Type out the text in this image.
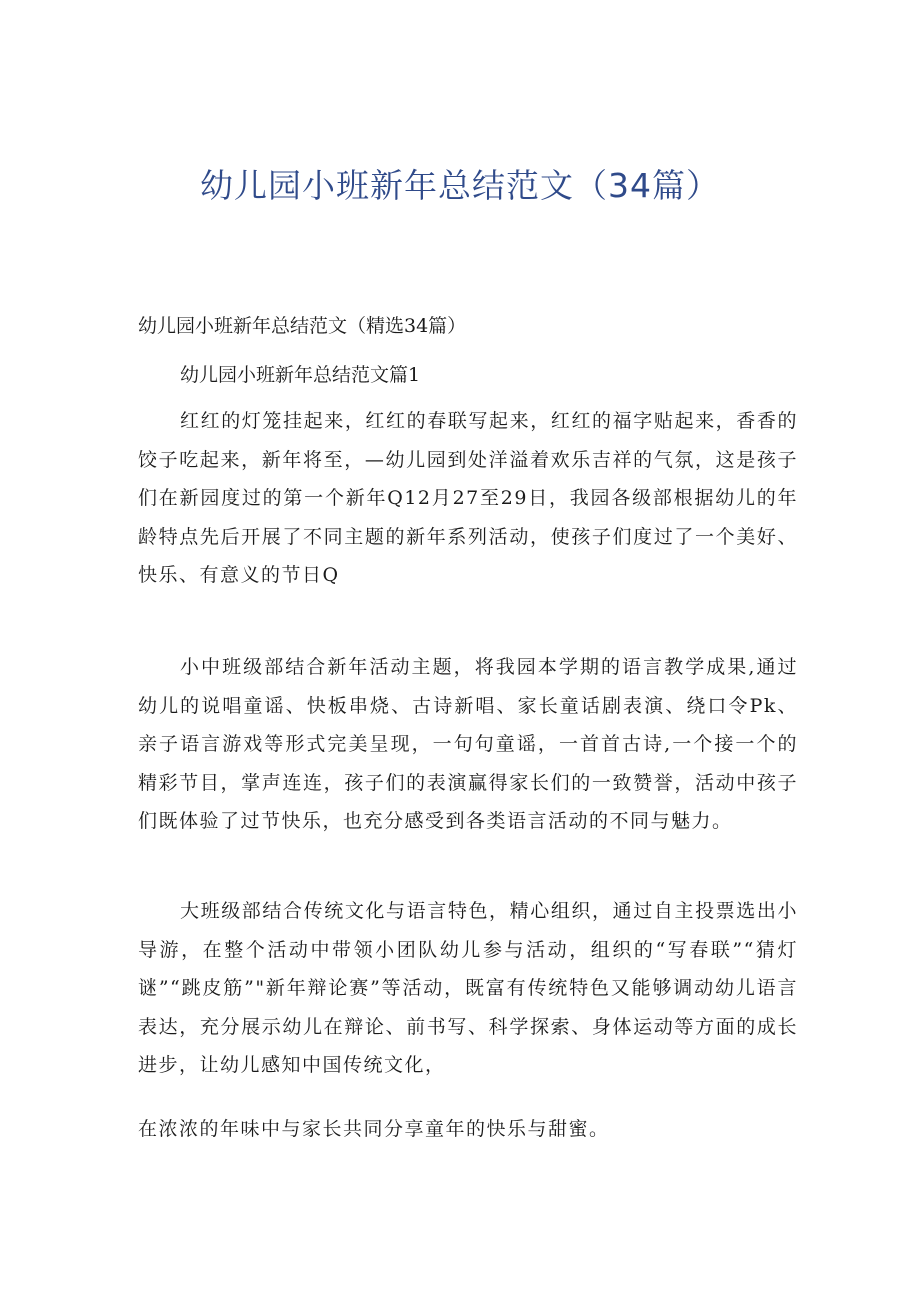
幼儿园小班新年总结范文（34篇）

幼儿园小班新年总结范文（精选34篇）

幼儿园小班新年总结范文篇1

红红的灯笼挂起来，红红的春联写起来，红红的福字贴起来，香香的饺子吃起来，新年将至，—幼儿园到处洋溢着欢乐吉祥的气氛，这是孩子们在新园度过的第一个新年Q12月27至29日，我园各级部根据幼儿的年龄特点先后开展了不同主题的新年系列活动，使孩子们度过了一个美好、快乐、有意义的节日Q

小中班级部结合新年活动主题，将我园本学期的语言教学成果,通过幼儿的说唱童谣、快板串烧、古诗新唱、家长童话剧表演、绕口令Pk、亲子语言游戏等形式完美呈现，一句句童谣，一首首古诗,一个接一个的精彩节目，掌声连连，孩子们的表演赢得家长们的一致赞誉，活动中孩子们既体验了过节快乐，也充分感受到各类语言活动的不同与魅力。

大班级部结合传统文化与语言特色，精心组织，通过自主投票选出小导游，在整个活动中带领小团队幼儿参与活动，组织的“写春联”“猜灯谜”“跳皮筋”"新年辩论赛”等活动，既富有传统特色又能够调动幼儿语言表达，充分展示幼儿在辩论、前书写、科学探索、身体运动等方面的成长进步，让幼儿感知中国传统文化，

在浓浓的年味中与家长共同分享童年的快乐与甜蜜。
